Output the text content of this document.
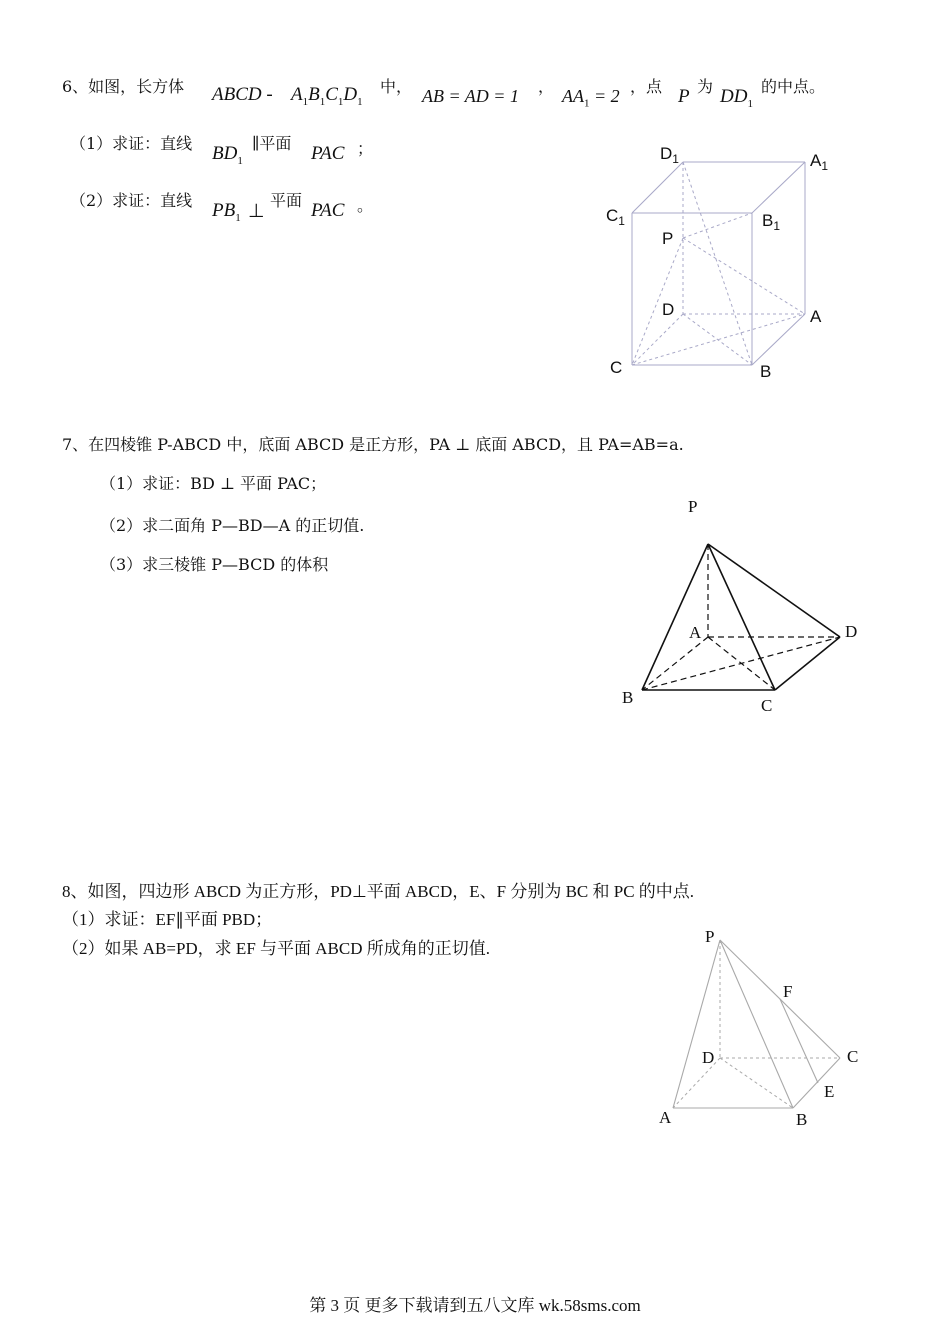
6、如图，长方体 ABCD - $A_1B_1C_1D_1$
中， AB = AD = 1 ， $AA_1 = 2$ ，点 P 为 $DD_1$
的中点。
（1）求证：直线 $BD_1$
∥平面 PAC ；
（2）求证：直线 $PB_1$ ⊥
平面 PAC 。
$D_1$	$A_1$
$C_1$	$B_1$
P
D	A
C	B
7、在四棱锥 P-ABCD 中，底面 ABCD 是正方形，PA ⊥ 底面 ABCD，且 PA=AB=a.
（1）求证：BD ⊥ 平面 PAC；
（2）求二面角 P—BD—A 的正切值.
（3）求三棱锥 P—BCD 的体积
P
A	D
B	C
8、如图，四边形 ABCD 为正方形，PD⊥平面 ABCD，E、F 分别为 BC 和 PC 的中点.
（1）求证：EF∥平面 PBD；
（2）如果 AB=PD，求 EF 与平面 ABCD 所成角的正切值.
P
F
D	C
E
A	B
第 3 页 更多下载请到五八文库 wk.58sms.com
